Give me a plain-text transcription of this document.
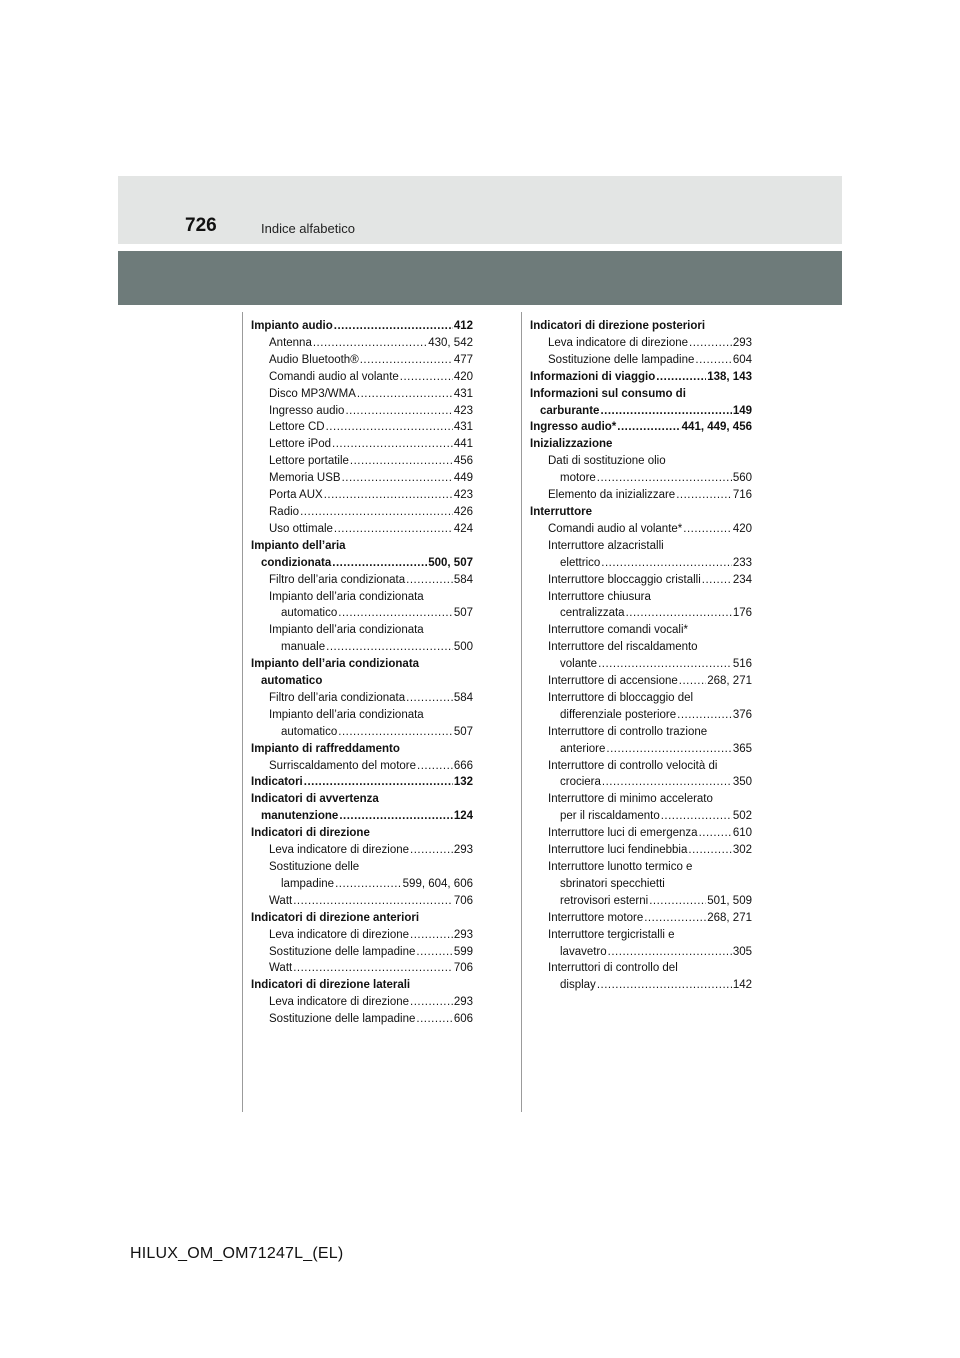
726	Indice alfabetico
Impianto audio .....	412
Antenna .....	430, 542
Audio Bluetooth® .....	477
Comandi audio al volante .....	420
Disco MP3/WMA .....	431
Ingresso audio .....	423
Lettore CD .....	431
Lettore iPod .....	441
Lettore portatile .....	456
Memoria USB .....	449
Porta AUX .....	423
Radio .....	426
Uso ottimale .....	424
Impianto dell’aria
condizionata .....	500, 507
Filtro dell’aria condizionata .....	584
Impianto dell’aria condizionata
automatico .....	507
Impianto dell’aria condizionata
manuale .....	500
Impianto dell’aria condizionata
automatico
Filtro dell’aria condizionata .....	584
Impianto dell’aria condizionata
automatico .....	507
Impianto di raffreddamento
Surriscaldamento del motore .....	666
Indicatori .....	132
Indicatori di avvertenza
manutenzione .....	124
Indicatori di direzione
Leva indicatore di direzione .....	293
Sostituzione delle
lampadine .....	599, 604, 606
Watt .....	706
Indicatori di direzione anteriori
Leva indicatore di direzione .....	293
Sostituzione delle lampadine .....	599
Watt .....	706
Indicatori di direzione laterali
Leva indicatore di direzione .....	293
Sostituzione delle lampadine .....	606
Indicatori di direzione posteriori
Leva indicatore di direzione .....	293
Sostituzione delle lampadine .....	604
Informazioni di viaggio .....	138, 143
Informazioni sul consumo di
carburante .....	149
Ingresso audio* .....	441, 449, 456
Inizializzazione
Dati di sostituzione olio
motore .....	560
Elemento da inizializzare .....	716
Interruttore
Comandi audio al volante* .....	420
Interruttore alzacristalli
elettrico .....	233
Interruttore bloccaggio cristalli .....	234
Interruttore chiusura
centralizzata .....	176
Interruttore comandi vocali*
Interruttore del riscaldamento
volante .....	516
Interruttore di accensione .....	268, 271
Interruttore di bloccaggio del
differenziale posteriore .....	376
Interruttore di controllo trazione
anteriore .....	365
Interruttore di controllo velocità di
crociera .....	350
Interruttore di minimo accelerato
per il riscaldamento .....	502
Interruttore luci di emergenza .....	610
Interruttore luci fendinebbia .....	302
Interruttore lunotto termico e
sbrinatori specchietti
retrovisori esterni .....	501, 509
Interruttore motore .....	268, 271
Interruttore tergicristalli e
lavavetro .....	305
Interruttori di controllo del
display .....	142
HILUX_OM_OM71247L_(EL)
